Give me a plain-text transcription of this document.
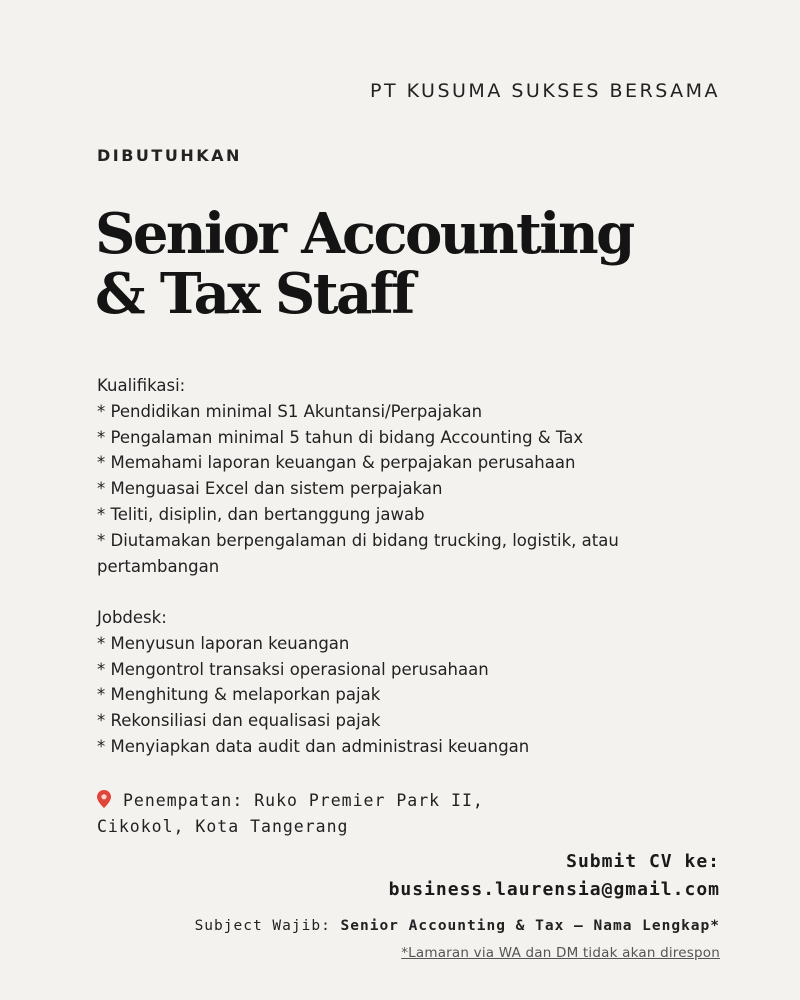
PT KUSUMA SUKSES BERSAMA
DIBUTUHKAN
Senior Accounting
& Tax Staff
Kualifikasi:
* Pendidikan minimal S1 Akuntansi/Perpajakan
* Pengalaman minimal 5 tahun di bidang Accounting & Tax
* Memahami laporan keuangan & perpajakan perusahaan
* Menguasai Excel dan sistem perpajakan
* Teliti, disiplin, dan bertanggung jawab
* Diutamakan berpengalaman di bidang trucking, logistik, atau
pertambangan
Jobdesk:
* Menyusun laporan keuangan
* Mengontrol transaksi operasional perusahaan
* Menghitung & melaporkan pajak
* Rekonsiliasi dan equalisasi pajak
* Menyiapkan data audit dan administrasi keuangan
Penempatan: Ruko Premier Park II,
Cikokol, Kota Tangerang
Submit CV ke:
business.laurensia@gmail.com
Subject Wajib: Senior Accounting & Tax – Nama Lengkap*
*Lamaran via WA dan DM tidak akan direspon
